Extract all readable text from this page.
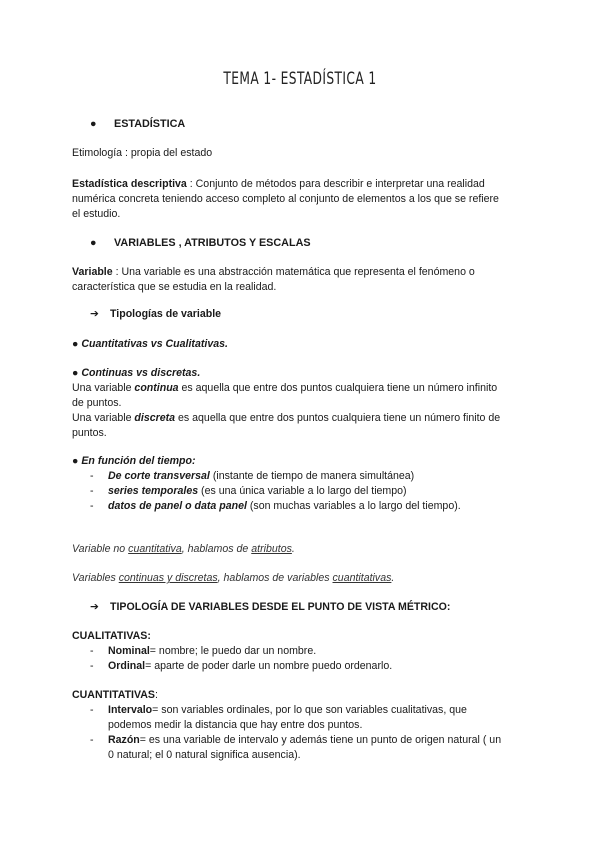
TEMA 1- ESTADÍSTICA 1
● ESTADÍSTICA
Etimología : propia del estado
Estadística descriptiva : Conjunto de métodos para describir e interpretar una realidad
numérica concreta teniendo acceso completo al conjunto de elementos a los que se refiere
el estudio.
● VARIABLES , ATRIBUTOS Y ESCALAS
Variable : Una variable es una abstracción matemática que representa el fenómeno o
característica que se estudia en la realidad.
➔ Tipologías de variable
● Cuantitativas vs Cualitativas.
● Continuas vs discretas.
Una variable continua es aquella que entre dos puntos cualquiera tiene un número infinito
de puntos.
Una variable discreta es aquella que entre dos puntos cualquiera tiene un número finito de
puntos.
● En función del tiempo:
- De corte transversal (instante de tiempo de manera simultánea)
- series temporales (es una única variable a lo largo del tiempo)
- datos de panel o data panel (son muchas variables a lo largo del tiempo).
Variable no cuantitativa, hablamos de atributos.
Variables continuas y discretas, hablamos de variables cuantitativas.
➔ TIPOLOGÍA DE VARIABLES DESDE EL PUNTO DE VISTA MÉTRICO:
CUALITATIVAS:
- Nominal= nombre; le puedo dar un nombre.
- Ordinal= aparte de poder darle un nombre puedo ordenarlo.
CUANTITATIVAS:
- Intervalo= son variables ordinales, por lo que son variables cualitativas, que
podemos medir la distancia que hay entre dos puntos.
- Razón= es una variable de intervalo y además tiene un punto de origen natural ( un
0 natural; el 0 natural significa ausencia).
